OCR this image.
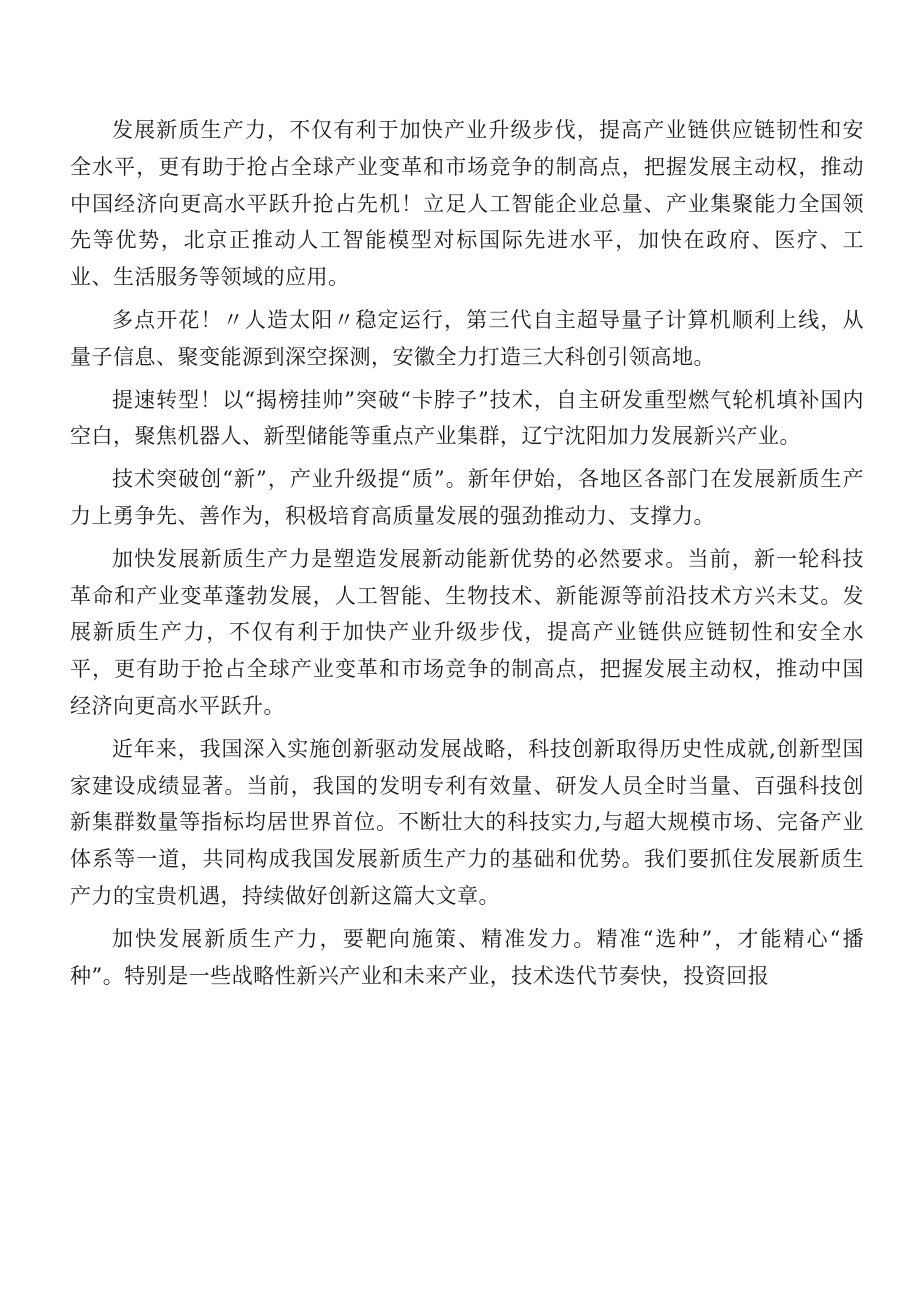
发展新质生产力，不仅有利于加快产业升级步伐，提高产业链供应链韧性和安全水平，更有助于抢占全球产业变革和市场竞争的制高点，把握发展主动权，推动中国经济向更高水平跃升抢占先机！立足人工智能企业总量、产业集聚能力全国领先等优势，北京正推动人工智能模型对标国际先进水平，加快在政府、医疗、工业、生活服务等领域的应用。

多点开花！〃人造太阳〃稳定运行，第三代自主超导量子计算机顺利上线，从量子信息、聚变能源到深空探测，安徽全力打造三大科创引领高地。

提速转型！以“揭榜挂帅”突破“卡脖子”技术，自主研发重型燃气轮机填补国内空白，聚焦机器人、新型储能等重点产业集群，辽宁沈阳加力发展新兴产业。

技术突破创“新”，产业升级提“质”。新年伊始，各地区各部门在发展新质生产力上勇争先、善作为，积极培育高质量发展的强劲推动力、支撑力。

加快发展新质生产力是塑造发展新动能新优势的必然要求。当前，新一轮科技革命和产业变革蓬勃发展，人工智能、生物技术、新能源等前沿技术方兴未艾。发展新质生产力，不仅有利于加快产业升级步伐，提高产业链供应链韧性和安全水平，更有助于抢占全球产业变革和市场竞争的制高点，把握发展主动权，推动中国经济向更高水平跃升。

近年来，我国深入实施创新驱动发展战略，科技创新取得历史性成就,创新型国家建设成绩显著。当前，我国的发明专利有效量、研发人员全时当量、百强科技创新集群数量等指标均居世界首位。不断壮大的科技实力,与超大规模市场、完备产业体系等一道，共同构成我国发展新质生产力的基础和优势。我们要抓住发展新质生产力的宝贵机遇，持续做好创新这篇大文章。

加快发展新质生产力，要靶向施策、精准发力。精准“选种”，才能精心“播种”。特别是一些战略性新兴产业和未来产业，技术迭代节奏快，投资回报
